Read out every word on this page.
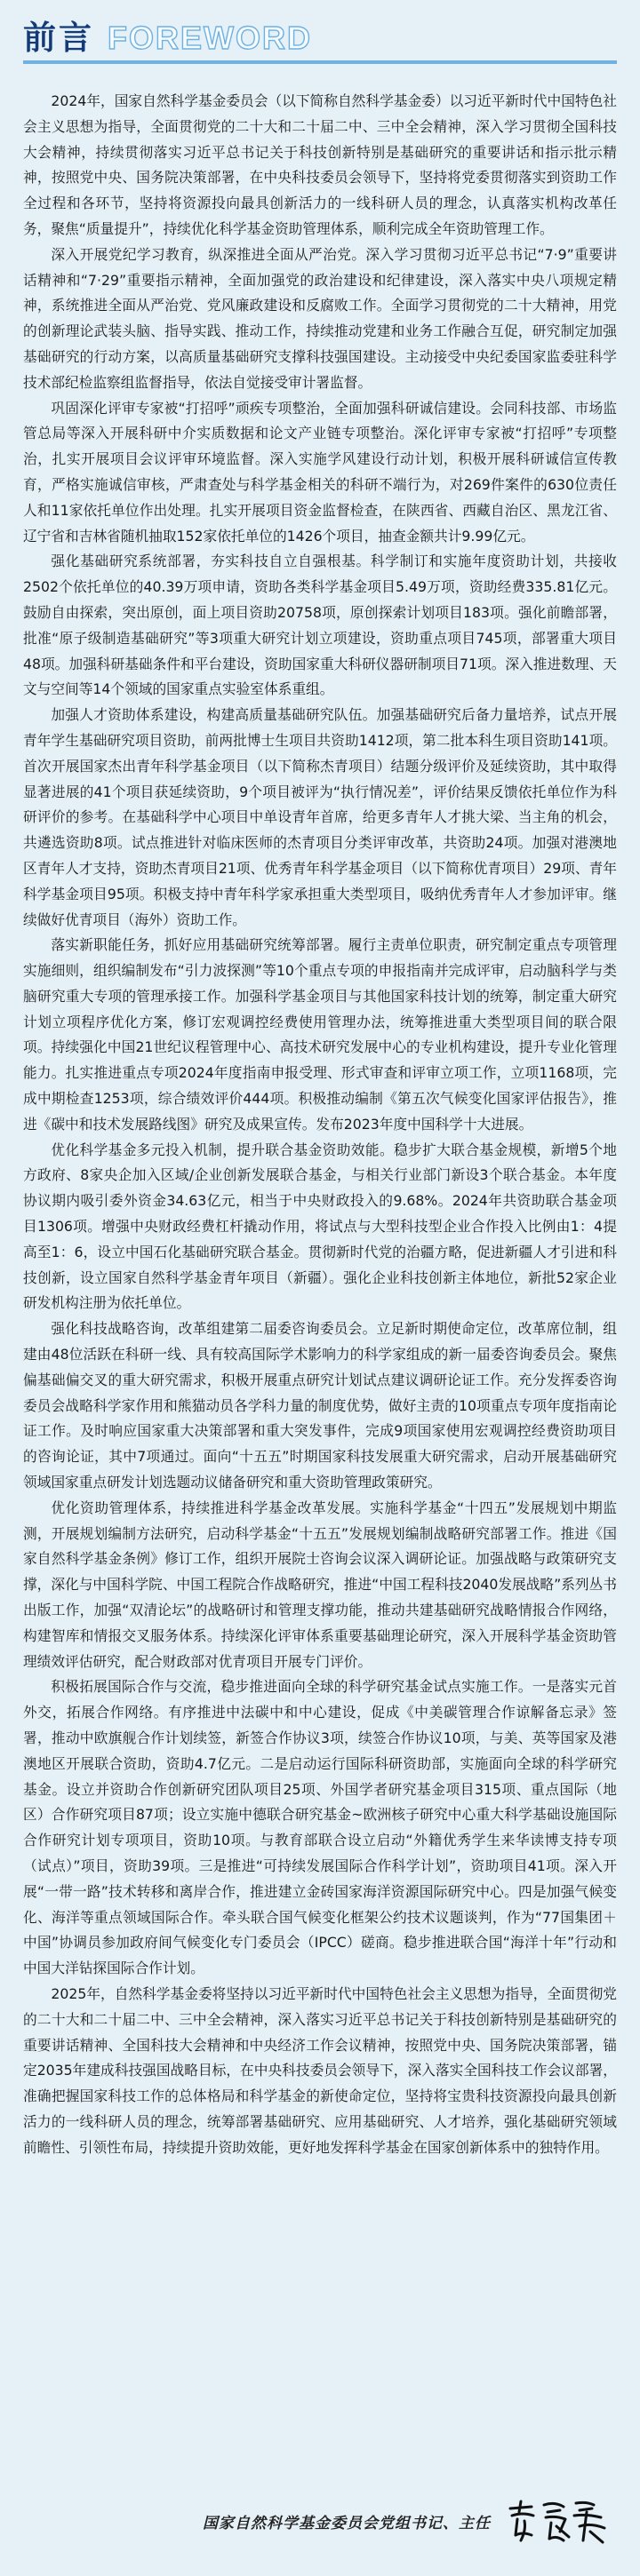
前言 FOREWORD

2024年，国家自然科学基金委员会（以下简称自然科学基金委）以习近平新时代中国特色社会主义思想为指导，全面贯彻党的二十大和二十届二中、三中全会精神，深入学习贯彻全国科技大会精神，持续贯彻落实习近平总书记关于科技创新特别是基础研究的重要讲话和指示批示精神，按照党中央、国务院决策部署，在中央科技委员会领导下，坚持将党委贯彻落实到资助工作全过程和各环节，坚持将资源投向最具创新活力的一线科研人员的理念，认真落实机构改革任务，聚焦“质量提升”，持续优化科学基金资助管理体系，顺利完成全年资助管理工作。

深入开展党纪学习教育，纵深推进全面从严治党。深入学习贯彻习近平总书记“7·9”重要讲话精神和“7·29”重要指示精神，全面加强党的政治建设和纪律建设，深入落实中央八项规定精神，系统推进全面从严治党、党风廉政建设和反腐败工作。全面学习贯彻党的二十大精神，用党的创新理论武装头脑、指导实践、推动工作，持续推动党建和业务工作融合互促，研究制定加强基础研究的行动方案，以高质量基础研究支撑科技强国建设。主动接受中央纪委国家监委驻科学技术部纪检监察组监督指导，依法自觉接受审计署监督。

巩固深化评审专家被“打招呼”顽疾专项整治，全面加强科研诚信建设。会同科技部、市场监管总局等深入开展科研中介实质数据和论文产业链专项整治。深化评审专家被“打招呼”专项整治，扎实开展项目会议评审环境监督。深入实施学风建设行动计划，积极开展科研诚信宣传教育，严格实施诚信审核，严肃查处与科学基金相关的科研不端行为，对269件案件的630位责任人和11家依托单位作出处理。扎实开展项目资金监督检查，在陕西省、西藏自治区、黑龙江省、辽宁省和吉林省随机抽取152家依托单位的1426个项目，抽查金额共计9.99亿元。

强化基础研究系统部署，夯实科技自立自强根基。科学制订和实施年度资助计划，共接收2502个依托单位的40.39万项申请，资助各类科学基金项目5.49万项，资助经费335.81亿元。鼓励自由探索，突出原创，面上项目资助20758项，原创探索计划项目183项。强化前瞻部署，批准“原子级制造基础研究”等3项重大研究计划立项建设，资助重点项目745项，部署重大项目48项。加强科研基础条件和平台建设，资助国家重大科研仪器研制项目71项。深入推进数理、天文与空间等14个领域的国家重点实验室体系重组。

加强人才资助体系建设，构建高质量基础研究队伍。加强基础研究后备力量培养，试点开展青年学生基础研究项目资助，前两批博士生项目共资助1412项，第二批本科生项目资助141项。首次开展国家杰出青年科学基金项目（以下简称杰青项目）结题分级评价及延续资助，其中取得显著进展的41个项目获延续资助，9个项目被评为“执行情况差”，评价结果反馈依托单位作为科研评价的参考。在基础科学中心项目中单设青年首席，给更多青年人才挑大梁、当主角的机会，共遴选资助8项。试点推进针对临床医师的杰青项目分类评审改革，共资助24项。加强对港澳地区青年人才支持，资助杰青项目21项、优秀青年科学基金项目（以下简称优青项目）29项、青年科学基金项目95项。积极支持中青年科学家承担重大类型项目，吸纳优秀青年人才参加评审。继续做好优青项目（海外）资助工作。

落实新职能任务，抓好应用基础研究统筹部署。履行主责单位职责，研究制定重点专项管理实施细则，组织编制发布“引力波探测”等10个重点专项的申报指南并完成评审，启动脑科学与类脑研究重大专项的管理承接工作。加强科学基金项目与其他国家科技计划的统筹，制定重大研究计划立项程序优化方案，修订宏观调控经费使用管理办法，统筹推进重大类型项目间的联合限项。持续强化中国21世纪议程管理中心、高技术研究发展中心的专业机构建设，提升专业化管理能力。扎实推进重点专项2024年度指南申报受理、形式审查和评审立项工作，立项1168项，完成中期检查1253项，综合绩效评价444项。积极推动编制《第五次气候变化国家评估报告》，推进《碳中和技术发展路线图》研究及成果宣传。发布2023年度中国科学十大进展。

优化科学基金多元投入机制，提升联合基金资助效能。稳步扩大联合基金规模，新增5个地方政府、8家央企加入区域/企业创新发展联合基金，与相关行业部门新设3个联合基金。本年度协议期内吸引委外资金34.63亿元，相当于中央财政投入的9.68%。2024年共资助联合基金项目1306项。增强中央财政经费杠杆撬动作用，将试点与大型科技型企业合作投入比例由1：4提高至1：6，设立中国石化基础研究联合基金。贯彻新时代党的治疆方略，促进新疆人才引进和科技创新，设立国家自然科学基金青年项目（新疆）。强化企业科技创新主体地位，新批52家企业研发机构注册为依托单位。

强化科技战略咨询，改革组建第二届委咨询委员会。立足新时期使命定位，改革席位制，组建由48位活跃在科研一线、具有较高国际学术影响力的科学家组成的新一届委咨询委员会。聚焦偏基础偏交叉的重大研究需求，积极开展重点研究计划试点建议调研论证工作。充分发挥委咨询委员会战略科学家作用和熊猫动员各学科力量的制度优势，做好主责的10项重点专项年度指南论证工作。及时响应国家重大决策部署和重大突发事件，完成9项国家使用宏观调控经费资助项目的咨询论证，其中7项通过。面向“十五五”时期国家科技发展重大研究需求，启动开展基础研究领域国家重点研发计划选题动议储备研究和重大资助管理政策研究。

优化资助管理体系，持续推进科学基金改革发展。实施科学基金“十四五”发展规划中期监测，开展规划编制方法研究，启动科学基金“十五五”发展规划编制战略研究部署工作。推进《国家自然科学基金条例》修订工作，组织开展院士咨询会议深入调研论证。加强战略与政策研究支撑，深化与中国科学院、中国工程院合作战略研究，推进“中国工程科技2040发展战略”系列丛书出版工作，加强“双清论坛”的战略研讨和管理支撑功能，推动共建基础研究战略情报合作网络，构建智库和情报交叉服务体系。持续深化评审体系重要基础理论研究，深入开展科学基金资助管理绩效评估研究，配合财政部对优青项目开展专门评价。

积极拓展国际合作与交流，稳步推进面向全球的科学研究基金试点实施工作。一是落实元首外交，拓展合作网络。有序推进中法碳中和中心建设，促成《中美碳管理合作谅解备忘录》签署，推动中欧旗舰合作计划续签，新签合作协议3项，续签合作协议10项，与美、英等国家及港澳地区开展联合资助，资助4.7亿元。二是启动运行国际科研资助部，实施面向全球的科学研究基金。设立并资助合作创新研究团队项目25项、外国学者研究基金项目315项、重点国际（地区）合作研究项目87项；设立实施中德联合研究基金~欧洲核子研究中心重大科学基础设施国际合作研究计划专项项目，资助10项。与教育部联合设立启动“外籍优秀学生来华读博支持专项（试点）”项目，资助39项。三是推进“可持续发展国际合作科学计划”，资助项目41项。深入开展“一带一路”技术转移和离岸合作，推进建立金砖国家海洋资源国际研究中心。四是加强气候变化、海洋等重点领域国际合作。牵头联合国气候变化框架公约技术议题谈判，作为“77国集团＋中国”协调员参加政府间气候变化专门委员会（IPCC）磋商。稳步推进联合国“海洋十年”行动和中国大洋钻探国际合作计划。

2025年，自然科学基金委将坚持以习近平新时代中国特色社会主义思想为指导，全面贯彻党的二十大和二十届二中、三中全会精神，深入落实习近平总书记关于科技创新特别是基础研究的重要讲话精神、全国科技大会精神和中央经济工作会议精神，按照党中央、国务院决策部署，锚定2035年建成科技强国战略目标，在中央科技委员会领导下，深入落实全国科技工作会议部署，准确把握国家科技工作的总体格局和科学基金的新使命定位，坚持将宝贵科技资源投向最具创新活力的一线科研人员的理念，统筹部署基础研究、应用基础研究、人才培养，强化基础研究领域前瞻性、引领性布局，持续提升资助效能，更好地发挥科学基金在国家创新体系中的独特作用。

国家自然科学基金委员会党组书记、主任
